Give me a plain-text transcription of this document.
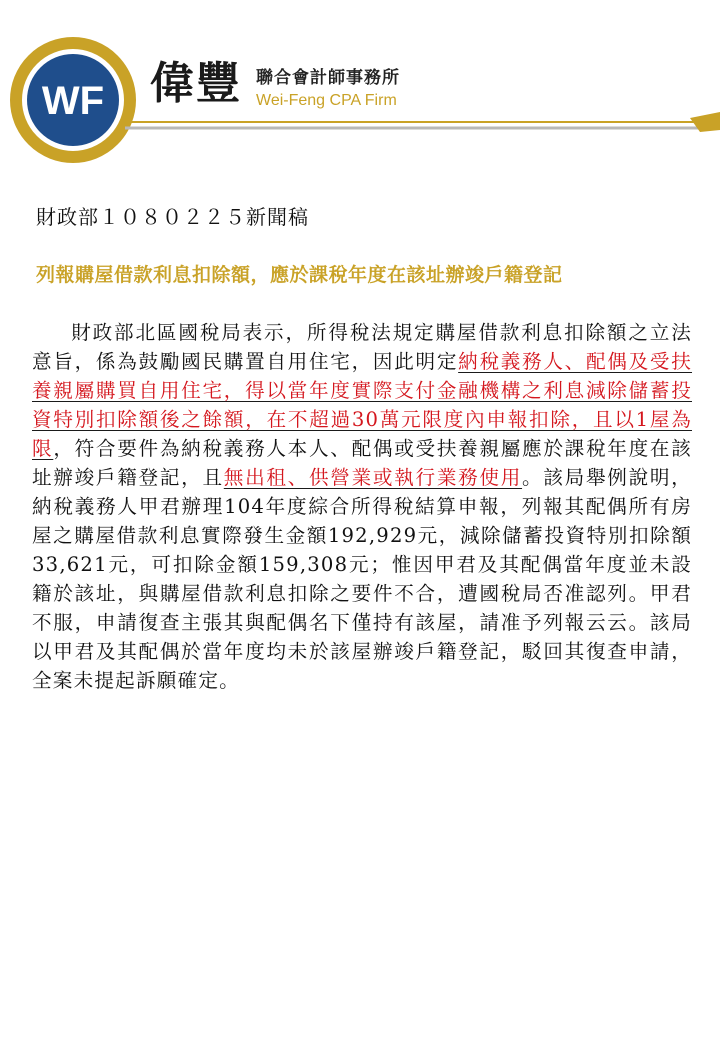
WF 偉豐 聯合會計師事務所
Wei-Feng CPA Firm
財政部１０８０２２５新聞稿
列報購屋借款利息扣除額，應於課稅年度在該址辦竣戶籍登記

財政部北區國稅局表示，所得稅法規定購屋借款利息扣除額之立法意旨，係為鼓勵國民購置自用住宅，因此明定納稅義務人、配偶及受扶養親屬購買自用住宅，得以當年度實際支付金融機構之利息減除儲蓄投資特別扣除額後之餘額，在不超過30萬元限度內申報扣除，且以1屋為限，符合要件為納稅義務人本人、配偶或受扶養親屬應於課稅年度在該址辦竣戶籍登記，且無出租、供營業或執行業務使用。該局舉例說明，納稅義務人甲君辦理104年度綜合所得稅結算申報，列報其配偶所有房屋之購屋借款利息實際發生金額192,929元，減除儲蓄投資特別扣除額33,621元，可扣除金額159,308元；惟因甲君及其配偶當年度並未設籍於該址，與購屋借款利息扣除之要件不合，遭國稅局否准認列。甲君不服，申請復查主張其與配偶名下僅持有該屋，請准予列報云云。該局以甲君及其配偶於當年度均未於該屋辦竣戶籍登記，駁回其復查申請，全案未提起訴願確定。
